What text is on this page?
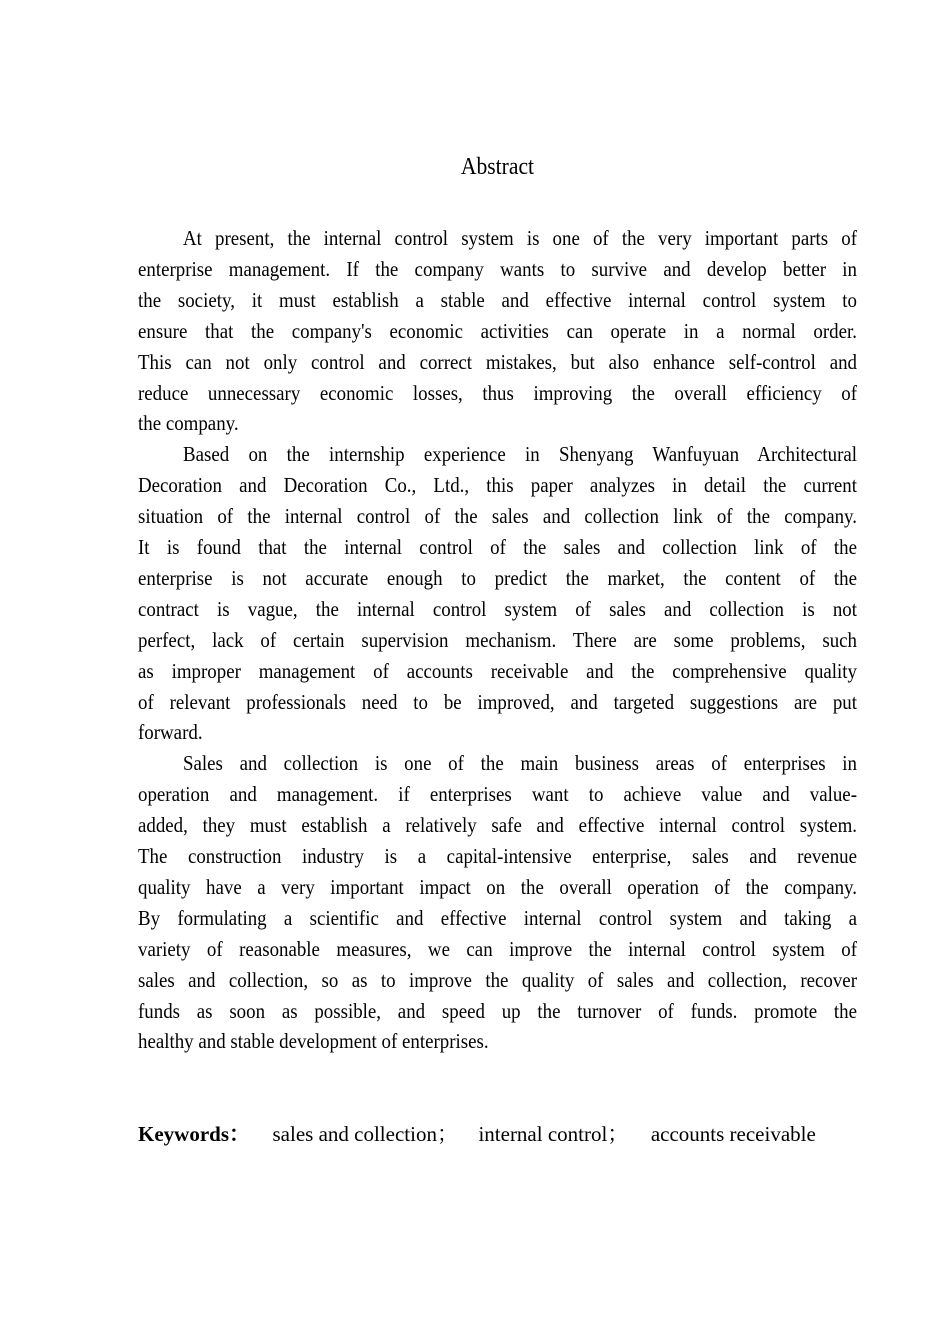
Abstract
At present, the internal control system is one of the very important parts of
enterprise management. If the company wants to survive and develop better in
the society, it must establish a stable and effective internal control system to
ensure that the company's economic activities can operate in a normal order.
This can not only control and correct mistakes, but also enhance self-control and
reduce unnecessary economic losses, thus improving the overall efficiency of
the company.
Based on the internship experience in Shenyang Wanfuyuan Architectural
Decoration and Decoration Co., Ltd., this paper analyzes in detail the current
situation of the internal control of the sales and collection link of the company.
It is found that the internal control of the sales and collection link of the
enterprise is not accurate enough to predict the market, the content of the
contract is vague, the internal control system of sales and collection is not
perfect, lack of certain supervision mechanism. There are some problems, such
as improper management of accounts receivable and the comprehensive quality
of relevant professionals need to be improved, and targeted suggestions are put
forward.
Sales and collection is one of the main business areas of enterprises in
operation and management. if enterprises want to achieve value and value-
added, they must establish a relatively safe and effective internal control system.
The construction industry is a capital-intensive enterprise, sales and revenue
quality have a very important impact on the overall operation of the company.
By formulating a scientific and effective internal control system and taking a
variety of reasonable measures, we can improve the internal control system of
sales and collection, so as to improve the quality of sales and collection, recover
funds as soon as possible, and speed up the turnover of funds. promote the
healthy and stable development of enterprises.
Keywords： sales and collection； internal control； accounts receivable
